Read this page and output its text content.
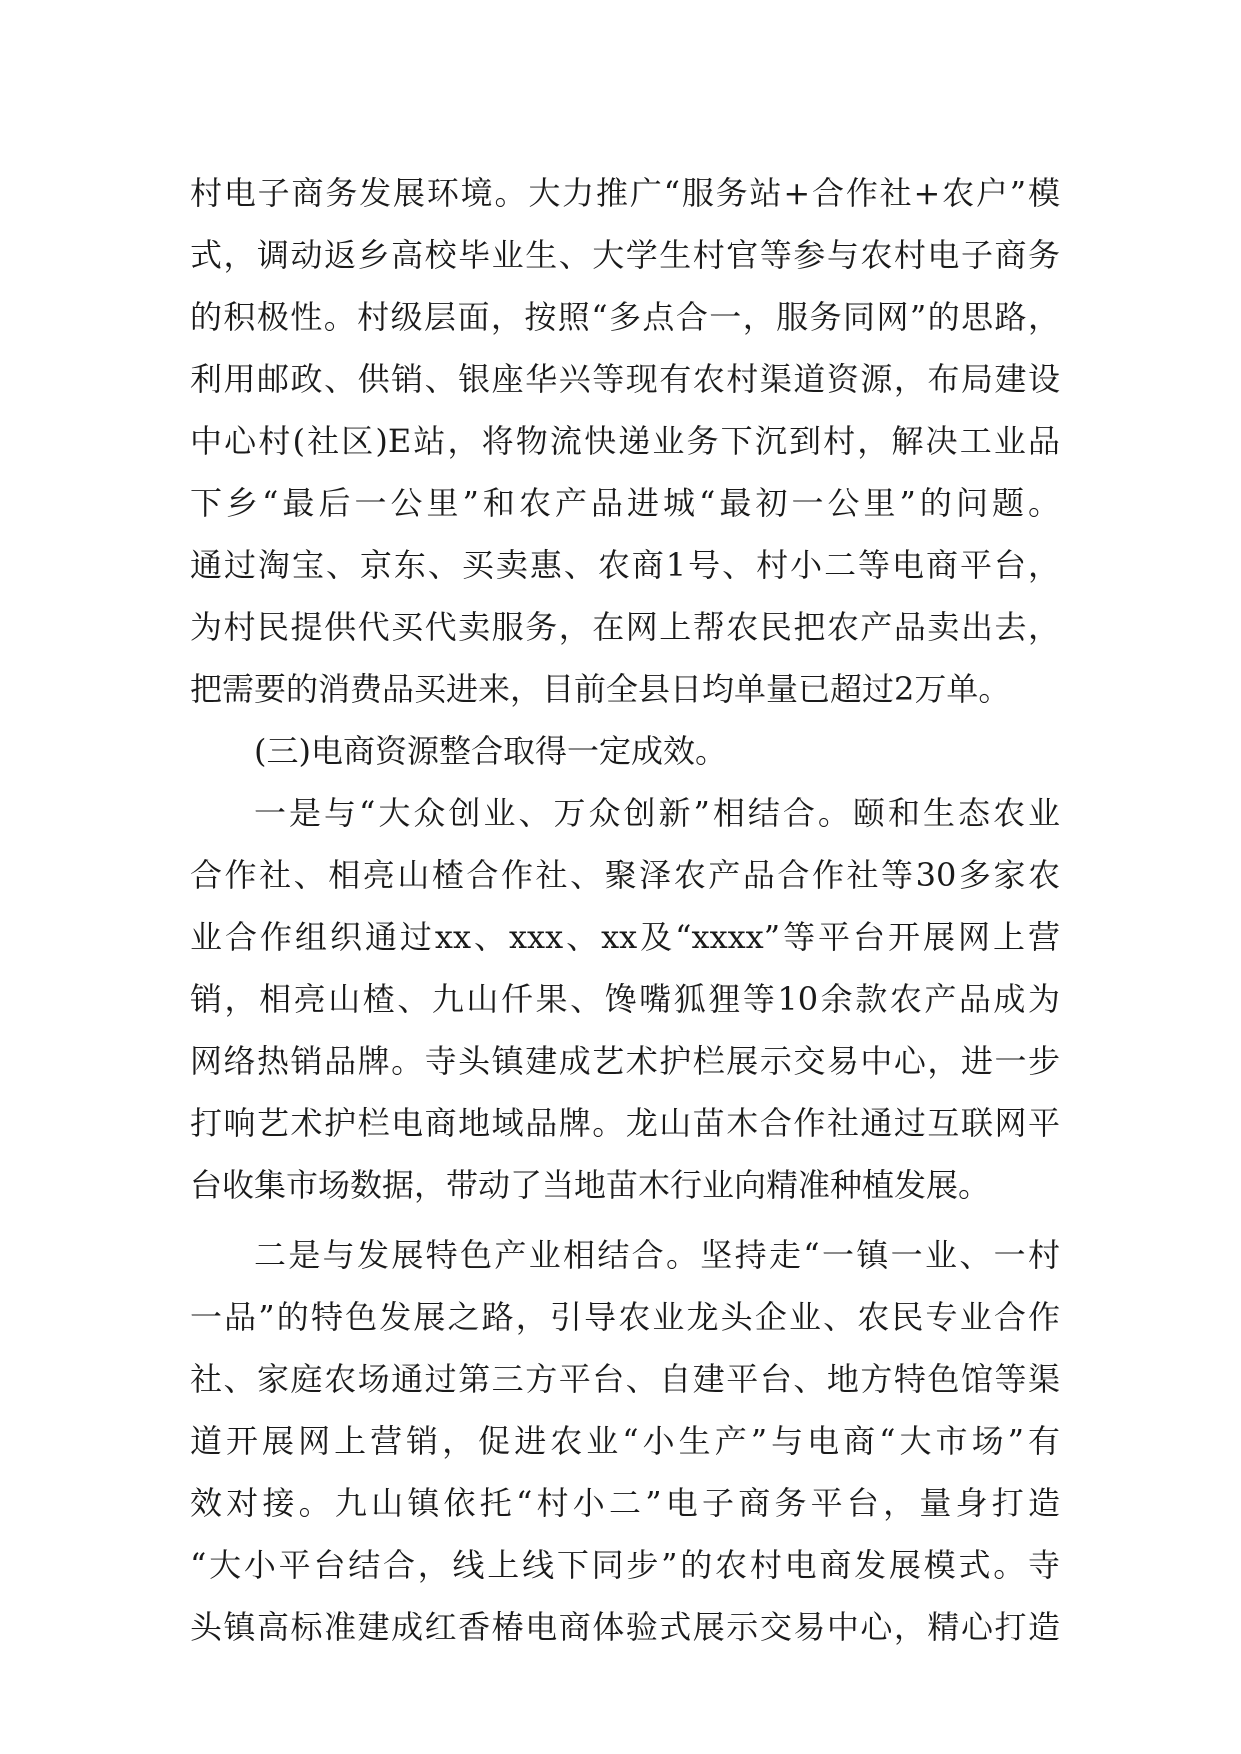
村电子商务发展环境。大力推广“服务站+合作社+农户”模
式，调动返乡高校毕业生、大学生村官等参与农村电子商务
的积极性。村级层面，按照“多点合一，服务同网”的思路，
利用邮政、供销、银座华兴等现有农村渠道资源，布局建设
中心村(社区)E站，将物流快递业务下沉到村，解决工业品
下乡“最后一公里”和农产品进城“最初一公里”的问题。
通过淘宝、京东、买卖惠、农商1号、村小二等电商平台，
为村民提供代买代卖服务，在网上帮农民把农产品卖出去，
把需要的消费品买进来，目前全县日均单量已超过2万单。
(三)电商资源整合取得一定成效。
一是与“大众创业、万众创新”相结合。颐和生态农业
合作社、相亮山楂合作社、聚泽农产品合作社等30多家农
业合作组织通过xx、xxx、xx及“xxxx”等平台开展网上营
销，相亮山楂、九山仟果、馋嘴狐狸等10余款农产品成为
网络热销品牌。寺头镇建成艺术护栏展示交易中心，进一步
打响艺术护栏电商地域品牌。龙山苗木合作社通过互联网平
台收集市场数据，带动了当地苗木行业向精准种植发展。
二是与发展特色产业相结合。坚持走“一镇一业、一村
一品”的特色发展之路，引导农业龙头企业、农民专业合作
社、家庭农场通过第三方平台、自建平台、地方特色馆等渠
道开展网上营销，促进农业“小生产”与电商“大市场”有
效对接。九山镇依托“村小二”电子商务平台，量身打造
“大小平台结合，线上线下同步”的农村电商发展模式。寺
头镇高标准建成红香椿电商体验式展示交易中心，精心打造
